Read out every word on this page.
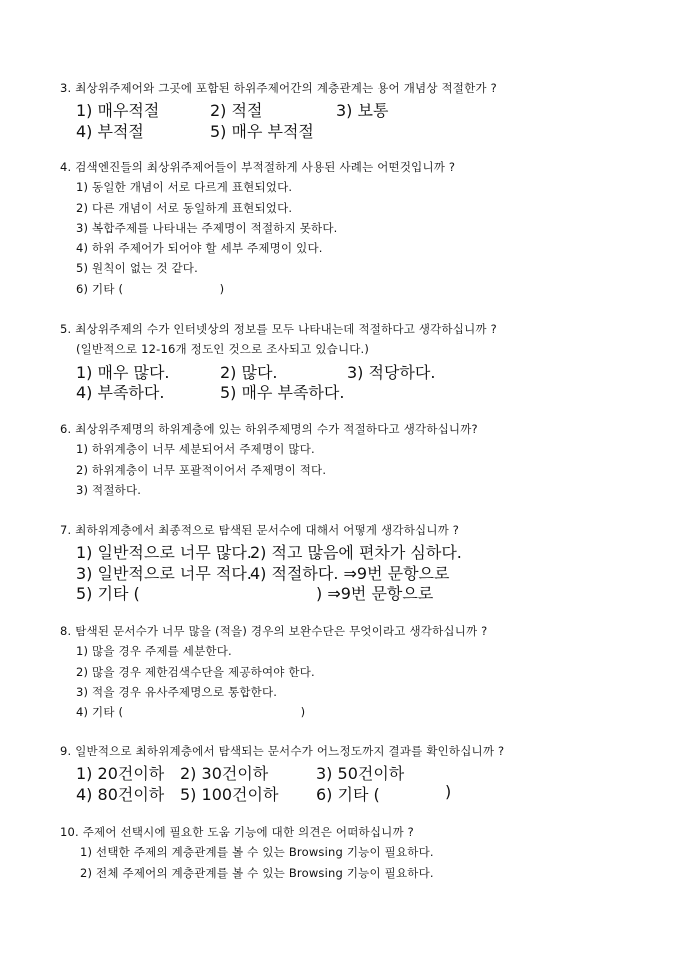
3. 최상위주제어와 그곳에 포함된 하위주제어간의 계층관계는 용어 개념상 적절한가 ?
1) 매우적절	2) 적절	3) 보통
4) 부적절	5) 매우 부적절
4. 검색엔진들의 최상위주제어들이 부적절하게 사용된 사례는 어떤것입니까 ?
1) 동일한 개념이 서로 다르게 표현되었다.
2) 다른 개념이 서로 동일하게 표현되었다.
3) 복합주제를 나타내는 주제명이 적절하지 못하다.
4) 하위 주제어가 되어야 할 세부 주제명이 있다.
5) 원칙이 없는 것 같다.
6) 기타 (                         )
5. 최상위주제의 수가 인터넷상의 정보를 모두 나타내는데 적절하다고 생각하십니까 ?
(일반적으로 12-16개 정도인 것으로 조사되고 있습니다.)
1) 매우 많다.	2) 많다.	3) 적당하다.
4) 부족하다.	5) 매우 부족하다.
6. 최상위주제명의 하위계층에 있는 하위주제명의 수가 적절하다고 생각하십니까?
1) 하위계층이 너무 세분되어서 주제명이 많다.
2) 하위계층이 너무 포괄적이어서 주제명이 적다.
3) 적절하다.
7. 최하위계층에서 최종적으로 탐색된 문서수에 대해서 어떻게 생각하십니까 ?
1) 일반적으로 너무 많다.
2) 적고 많음에 편차가 심하다.
3) 일반적으로 너무 적다.
4) 적절하다. ⇒9번 문항으로
5) 기타 (	) ⇒9번 문항으로
8. 탐색된 문서수가 너무 많을 (적을) 경우의 보완수단은 무엇이라고 생각하십니까 ?
1) 많을 경우 주제를 세분한다.
2) 많을 경우 제한검색수단을 제공하여야 한다.
3) 적을 경우 유사주제명으로 통합한다.
4) 기타 (                                              )
9. 일반적으로 최하위계층에서 탐색되는 문서수가 어느정도까지 결과를 확인하십니까 ?
1) 20건이하 2) 30건이하	3) 50건이하
4) 80건이하 5) 100건이하 6) 기타 (	)
10. 주제어 선택시에 필요한 도움 기능에 대한 의견은 어떠하십니까 ?
1) 선택한 주제의 계층관계를 볼 수 있는 Browsing 기능이 필요하다.
2) 전체 주제어의 계층관계를 볼 수 있는 Browsing 기능이 필요하다.
